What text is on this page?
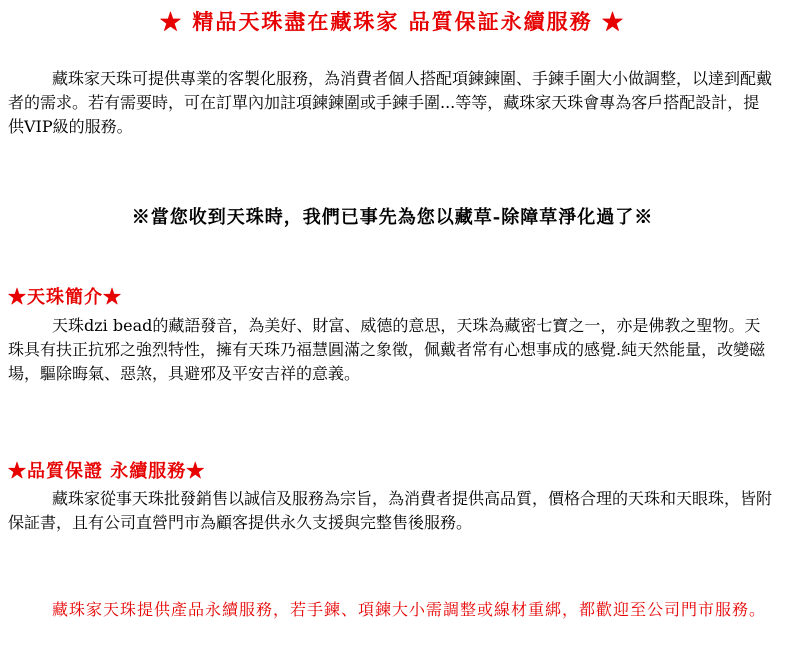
★ 精品天珠盡在藏珠家 品質保証永續服務 ★

藏珠家天珠可提供專業的客製化服務，為消費者個人搭配項鍊鍊圍、手鍊手圍大小做調整，以達到配戴者的需求。若有需要時，可在訂單內加註項鍊鍊圍或手鍊手圍...等等，藏珠家天珠會專為客戶搭配設計，提供VIP級的服務。

※當您收到天珠時，我們已事先為您以藏草-除障草淨化過了※
★天珠簡介★

天珠dzi bead的藏語發音，為美好、財富、威德的意思，天珠為藏密七寶之一，亦是佛教之聖物。天珠具有扶正抗邪之強烈特性，擁有天珠乃福慧圓滿之象徵，佩戴者常有心想事成的感覺.純天然能量，改變磁場，驅除晦氣、惡煞，具避邪及平安吉祥的意義。

★品質保證 永續服務★

藏珠家從事天珠批發銷售以誠信及服務為宗旨，為消費者提供高品質，價格合理的天珠和天眼珠，皆附保証書，且有公司直營門市為顧客提供永久支援與完整售後服務。

藏珠家天珠提供產品永續服務，若手鍊、項鍊大小需調整或線材重綁，都歡迎至公司門市服務。
